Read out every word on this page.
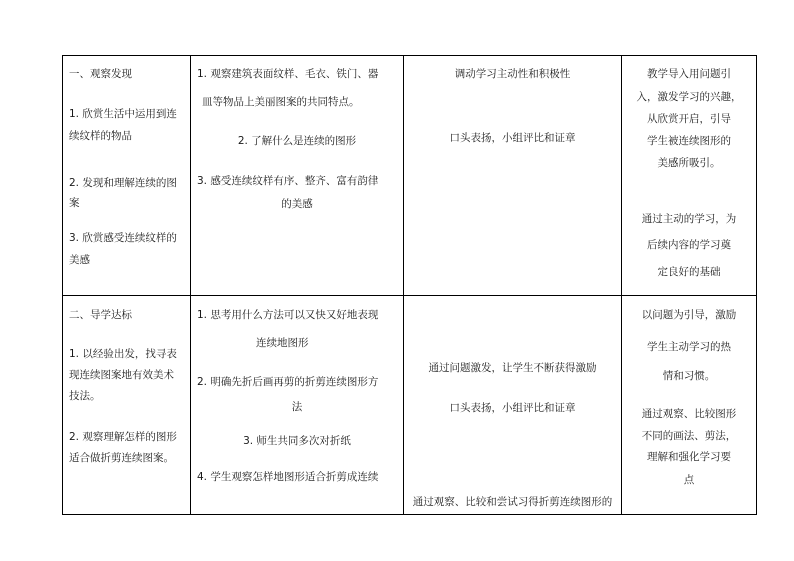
一、观察发现
1. 欣赏生活中运用到连
续纹样的物品
2. 发现和理解连续的图
案
3. 欣赏感受连续纹样的
美感
1. 观察建筑表面纹样、毛衣、铁门、器
皿等物品上美丽图案的共同特点。
2. 了解什么是连续的图形
3. 感受连续纹样有序、整齐、富有韵律
的美感
调动学习主动性和积极性
口头表扬，小组评比和证章
教学导入用问题引
入，激发学习的兴趣，
从欣赏开启，引导
学生被连续图形的
美感所吸引。
通过主动的学习，为
后续内容的学习奠
定良好的基础
二、导学达标
1. 以经验出发，找寻表
现连续图案地有效美术
技法。
2. 观察理解怎样的图形
适合做折剪连续图案。
1. 思考用什么方法可以又快又好地表现
连续地图形
2. 明确先折后画再剪的折剪连续图形方
法
3. 师生共同多次对折纸
4. 学生观察怎样地图形适合折剪成连续
通过问题激发，让学生不断获得激励
口头表扬，小组评比和证章
通过观察、比较和尝试习得折剪连续图形的
以问题为引导，激励
学生主动学习的热
情和习惯。
通过观察、比较图形
不同的画法、剪法，
理解和强化学习要
点
